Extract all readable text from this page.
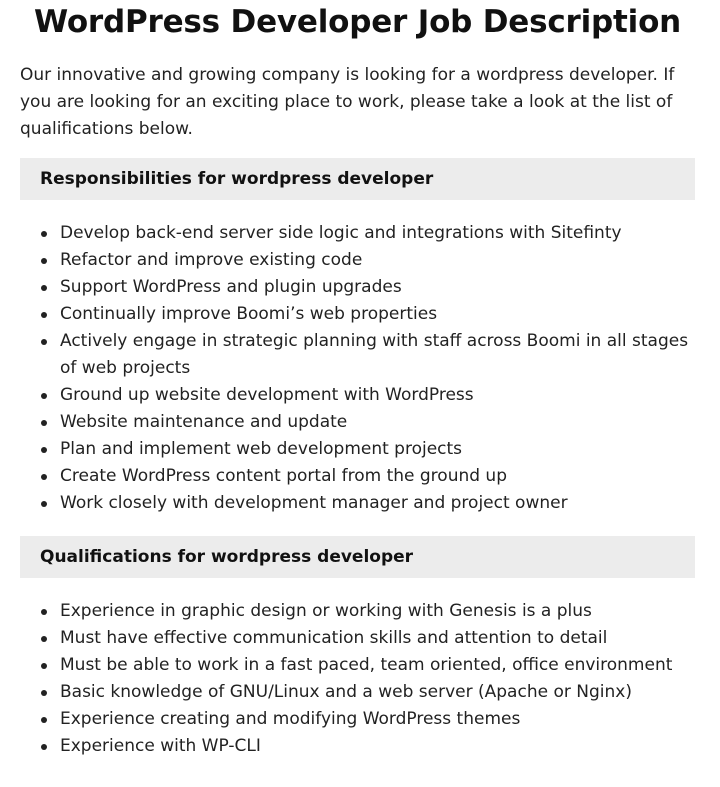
WordPress Developer Job Description

Our innovative and growing company is looking for a wordpress developer. If you are looking for an exciting place to work, please take a look at the list of qualifications below.

Responsibilities for wordpress developer
Develop back-end server side logic and integrations with Sitefinty
Refactor and improve existing code
Support WordPress and plugin upgrades
Continually improve Boomi’s web properties
Actively engage in strategic planning with staff across Boomi in all stages of web projects
Ground up website development with WordPress
Website maintenance and update
Plan and implement web development projects
Create WordPress content portal from the ground up
Work closely with development manager and project owner
Qualifications for wordpress developer
Experience in graphic design or working with Genesis is a plus
Must have effective communication skills and attention to detail
Must be able to work in a fast paced, team oriented, office environment
Basic knowledge of GNU/Linux and a web server (Apache or Nginx)
Experience creating and modifying WordPress themes
Experience with WP-CLI
